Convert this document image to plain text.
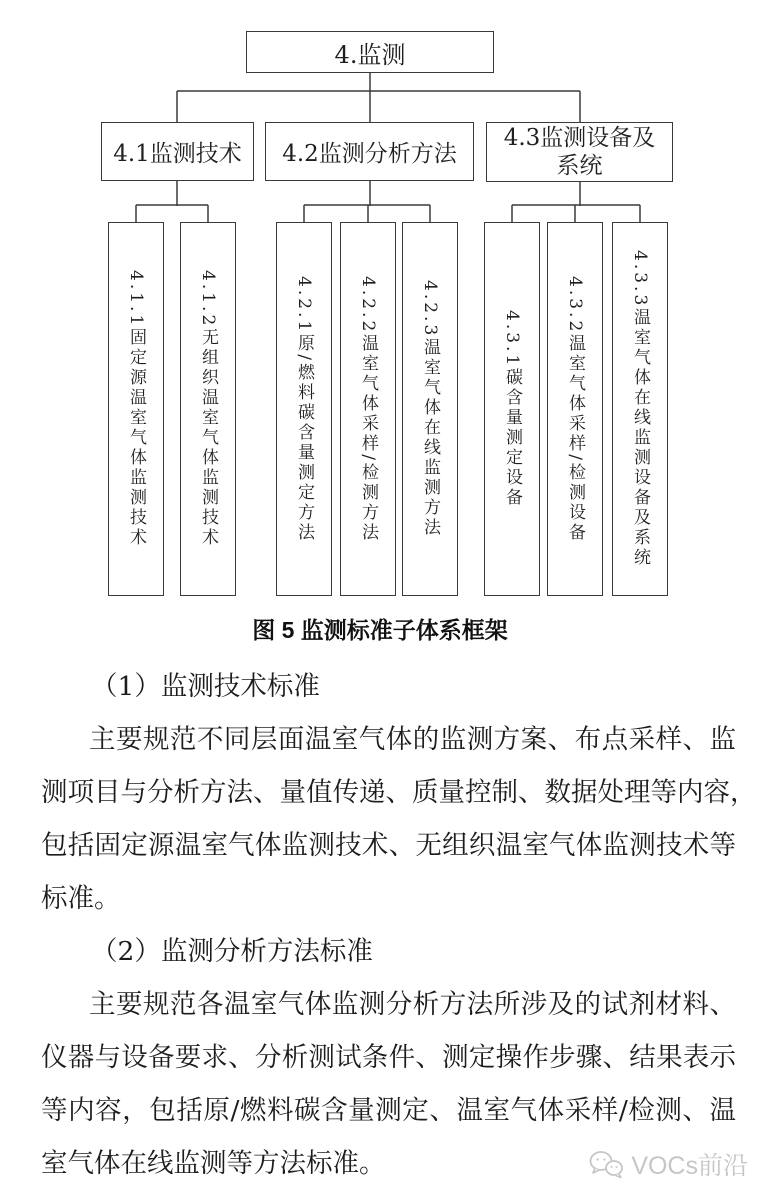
4.监测
4.1监测技术	4.2监测分析方法
4.3监测设备及系统
4.1.1固定源温室气体监测技术	4.1.2无组织温室气体监测技术	4.2.1原/燃料碳含量测定方法	4.2.2温室气体采样/检测方法	4.2.3温室气体在线监测方法	4.3.1碳含量测定设备	4.3.2温室气体采样/检测设备	4.3.3温室气体在线监测设备及系统
图 5 监测标准子体系框架
（1）监测技术标准
主要规范不同层面温室气体的监测方案、布点采样、监
测项目与分析方法、量值传递、质量控制、数据处理等内容，
包括固定源温室气体监测技术、无组织温室气体监测技术等
标准。
（2）监测分析方法标准
主要规范各温室气体监测分析方法所涉及的试剂材料、
仪器与设备要求、分析测试条件、测定操作步骤、结果表示
等内容，包括原/燃料碳含量测定、温室气体采样/检测、温
室气体在线监测等方法标准。	VOCs前沿
